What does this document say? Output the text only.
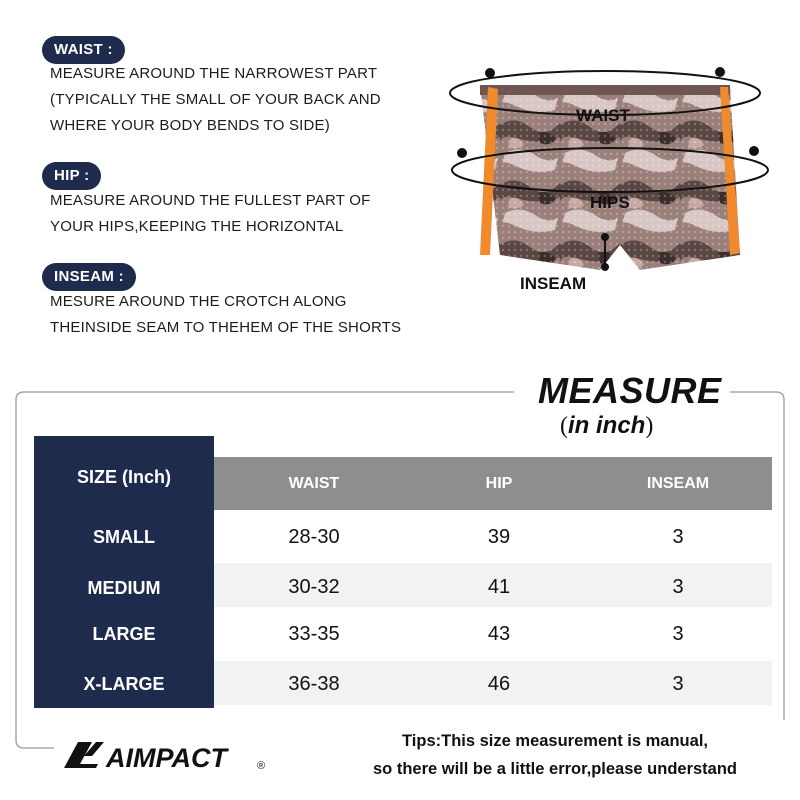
WAIST :
MEASURE AROUND THE NARROWEST PART
(TYPICALLY THE SMALL OF YOUR BACK AND
WHERE YOUR BODY BENDS TO SIDE)
HIP :
MEASURE AROUND THE FULLEST PART OF
YOUR HIPS,KEEPING THE HORIZONTAL
INSEAM :
MESURE AROUND THE CROTCH ALONG
THEINSIDE SEAM TO THEHEM OF THE SHORTS
WAIST
HIPS
INSEAM
MEASURE
(in inch)
SIZE (Inch)	WAIST	HIP	INSEAM
SMALL	28-30	39	3
MEDIUM	30-32	41	3
LARGE	33-35	43	3
X-LARGE	36-38	46	3
AIMPACT	®
Tips:This size measurement is manual,
so there will be a little error,please understand
